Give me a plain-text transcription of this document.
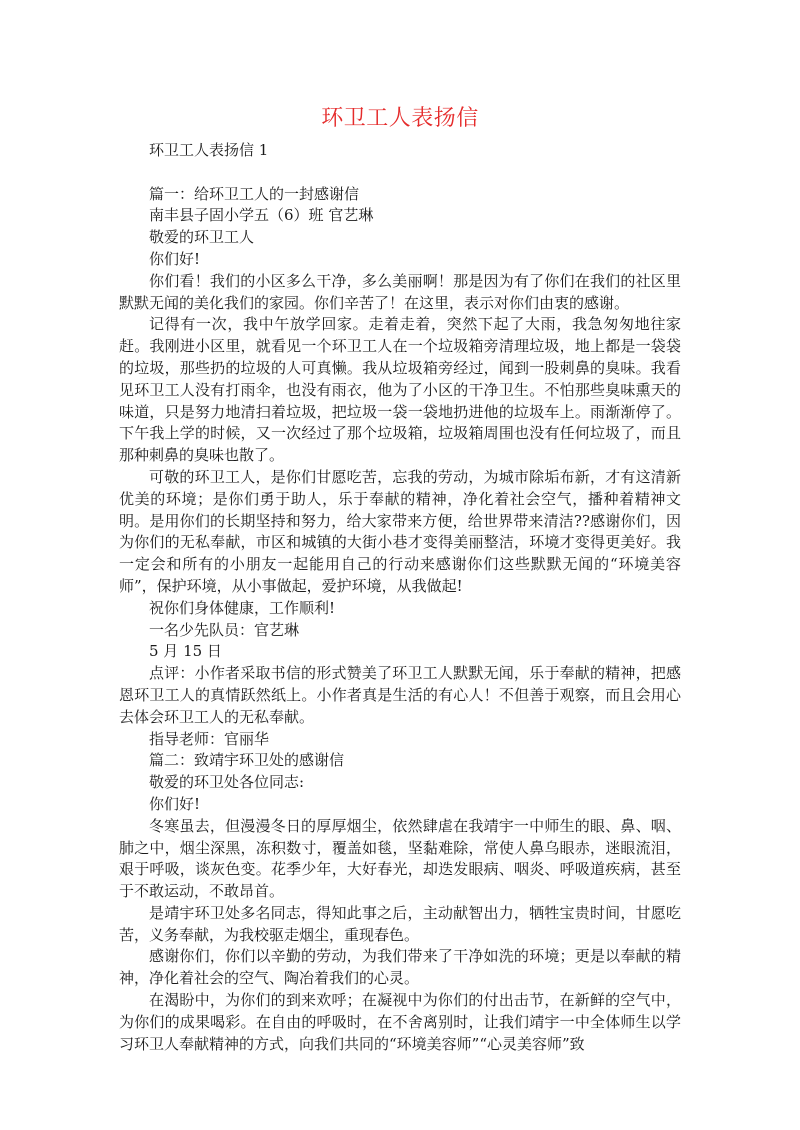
环卫工人表扬信

环卫工人表扬信 1

篇一：给环卫工人的一封感谢信

南丰县子固小学五（6）班 官艺琳

敬爱的环卫工人

你们好!

你们看！我们的小区多么干净，多么美丽啊！那是因为有了你们在我们的社区里默默无闻的美化我们的家园。你们辛苦了！在这里，表示对你们由衷的感谢。

记得有一次，我中午放学回家。走着走着，突然下起了大雨，我急匆匆地往家赶。我刚进小区里，就看见一个环卫工人在一个垃圾箱旁清理垃圾，地上都是一袋袋的垃圾，那些扔的垃圾的人可真懒。我从垃圾箱旁经过，闻到一股刺鼻的臭味。我看见环卫工人没有打雨伞，也没有雨衣，他为了小区的干净卫生。不怕那些臭味熏天的味道，只是努力地清扫着垃圾，把垃圾一袋一袋地扔进他的垃圾车上。雨渐渐停了。下午我上学的时候，又一次经过了那个垃圾箱，垃圾箱周围也没有任何垃圾了，而且那种刺鼻的臭味也散了。

可敬的环卫工人，是你们甘愿吃苦，忘我的劳动，为城市除垢布新，才有这清新优美的环境；是你们勇于助人，乐于奉献的精神，净化着社会空气，播种着精神文明。是用你们的长期坚持和努力，给大家带来方便，给世界带来清洁??感谢你们，因为你们的无私奉献，市区和城镇的大街小巷才变得美丽整洁，环境才变得更美好。我一定会和所有的小朋友一起能用自己的行动来感谢你们这些默默无闻的“环境美容师”，保护环境，从小事做起，爱护环境，从我做起!

祝你们身体健康，工作顺利!

一名少先队员：官艺琳

5 月 15 日

点评：小作者采取书信的形式赞美了环卫工人默默无闻，乐于奉献的精神，把感恩环卫工人的真情跃然纸上。小作者真是生活的有心人！不但善于观察，而且会用心去体会环卫工人的无私奉献。

指导老师：官丽华

篇二：致靖宇环卫处的感谢信

敬爱的环卫处各位同志:

你们好!

冬寒虽去，但漫漫冬日的厚厚烟尘，依然肆虐在我靖宇一中师生的眼、鼻、咽、肺之中，烟尘深黑，冻积数寸，覆盖如毯，坚黏难除，常使人鼻乌眼赤，迷眼流泪，艰于呼吸，谈灰色变。花季少年，大好春光，却迭发眼病、咽炎、呼吸道疾病，甚至于不敢运动，不敢昂首。

是靖宇环卫处多名同志，得知此事之后，主动献智出力，牺牲宝贵时间，甘愿吃苦，义务奉献，为我校驱走烟尘，重现春色。

感谢你们，你们以辛勤的劳动，为我们带来了干净如洗的环境；更是以奉献的精神，净化着社会的空气、陶冶着我们的心灵。

在渴盼中，为你们的到来欢呼；在凝视中为你们的付出击节，在新鲜的空气中，为你们的成果喝彩。在自由的呼吸时，在不舍离别时，让我们靖宇一中全体师生以学习环卫人奉献精神的方式，向我们共同的“环境美容师”“心灵美容师”致
